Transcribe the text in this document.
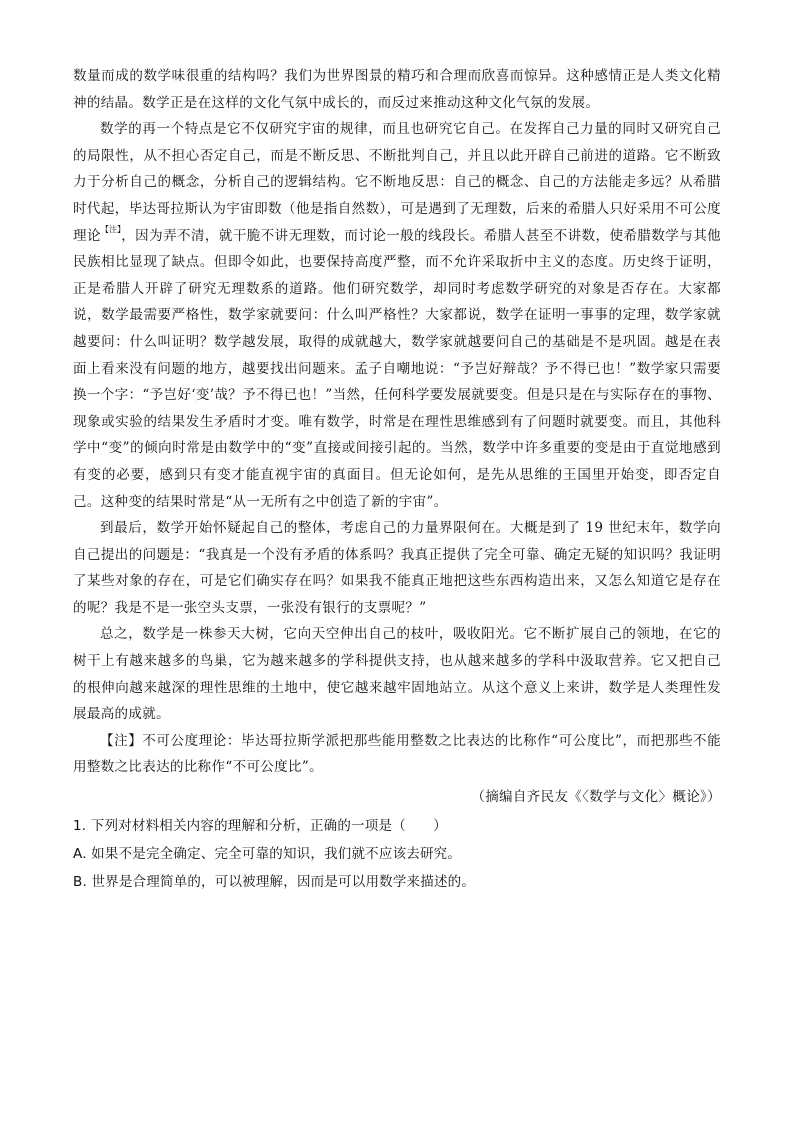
数量而成的数学味很重的结构吗？我们为世界图景的精巧和合理而欣喜而惊异。这种感情正是人类文化精神的结晶。数学正是在这样的文化气氛中成长的，而反过来推动这种文化气氛的发展。

数学的再一个特点是它不仅研究宇宙的规律，而且也研究它自己。在发挥自己力量的同时又研究自己的局限性，从不担心否定自己，而是不断反思、不断批判自己，并且以此开辟自己前进的道路。它不断致力于分析自己的概念，分析自己的逻辑结构。它不断地反思：自己的概念、自己的方法能走多远？从希腊时代起，毕达哥拉斯认为宇宙即数（他是指自然数），可是遇到了无理数，后来的希腊人只好采用不可公度理论$^{【注】}$，因为弄不清，就干脆不讲无理数，而讨论一般的线段长。希腊人甚至不讲数，使希腊数学与其他民族相比显现了缺点。但即令如此，也要保持高度严整，而不允许采取折中主义的态度。历史终于证明，正是希腊人开辟了研究无理数系的道路。他们研究数学，却同时考虑数学研究的对象是否存在。大家都说，数学最需要严格性，数学家就要问：什么叫严格性？大家都说，数学在证明一事事的定理，数学家就越要问：什么叫证明？数学越发展，取得的成就越大，数学家就越要问自己的基础是不是巩固。越是在表面上看来没有问题的地方，越要找出问题来。孟子自嘲地说：“予岂好辩哉？予不得已也！”数学家只需要换一个字：“予岂好‘变’哉？予不得已也！”当然，任何科学要发展就要变。但是只是在与实际存在的事物、现象或实验的结果发生矛盾时才变。唯有数学，时常是在理性思维感到有了问题时就要变。而且，其他科学中“变”的倾向时常是由数学中的“变”直接或间接引起的。当然，数学中许多重要的变是由于直觉地感到有变的必要，感到只有变才能直视宇宙的真面目。但无论如何，是先从思维的王国里开始变，即否定自己。这种变的结果时常是“从一无所有之中创造了新的宇宙”。

到最后，数学开始怀疑起自己的整体，考虑自己的力量界限何在。大概是到了 19 世纪末年，数学向自己提出的问题是：“我真是一个没有矛盾的体系吗？我真正提供了完全可靠、确定无疑的知识吗？我证明了某些对象的存在，可是它们确实存在吗？如果我不能真正地把这些东西构造出来，又怎么知道它是存在的呢？我是不是一张空头支票，一张没有银行的支票呢？”

总之，数学是一株参天大树，它向天空伸出自己的枝叶，吸收阳光。它不断扩展自己的领地，在它的树干上有越来越多的鸟巢，它为越来越多的学科提供支持，也从越来越多的学科中汲取营养。它又把自己的根伸向越来越深的理性思维的土地中，使它越来越牢固地站立。从这个意义上来讲，数学是人类理性发展最高的成就。

【注】不可公度理论：毕达哥拉斯学派把那些能用整数之比表达的比称作“可公度比”，而把那些不能用整数之比表达的比称作“不可公度比”。

（摘编自齐民友《〈数学与文化〉概论》）

1. 下列对材料相关内容的理解和分析，正确的一项是（　　）

A. 如果不是完全确定、完全可靠的知识，我们就不应该去研究。

B. 世界是合理简单的，可以被理解，因而是可以用数学来描述的。
